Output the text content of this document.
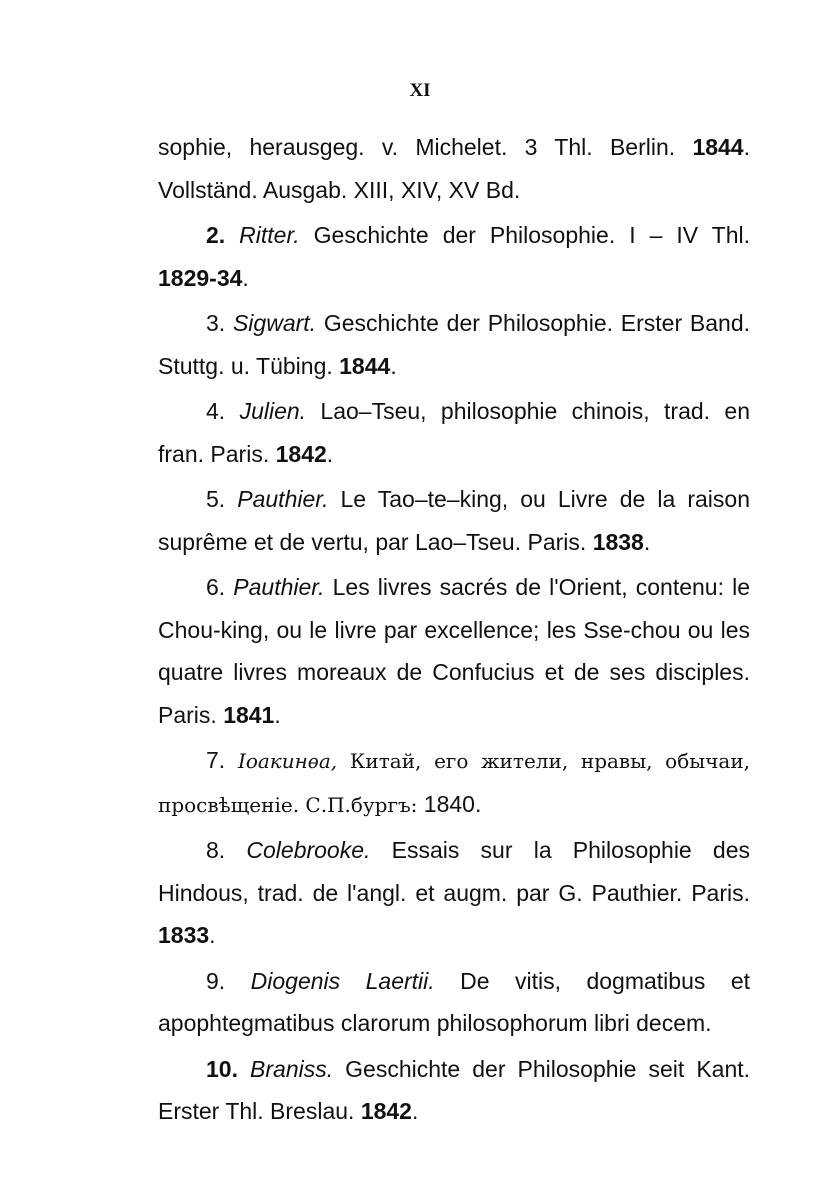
XI

sophie, herausgeg. v. Michelet. 3 Thl. Berlin. 1844. Vollständ. Ausgab. XIII, XIV, XV Bd.

2. Ritter. Geschichte der Philosophie. I – IV Thl. 1829-34.

3. Sigwart. Geschichte der Philosophie. Erster Band. Stuttg. u. Tübing. 1844.

4. Julien. Lao–Tseu, philosophie chinois, trad. en fran. Paris. 1842.

5. Pauthier. Le Tao–te–king, ou Livre de la raison suprême et de vertu, par Lao–Tseu. Paris. 1838.

6. Pauthier. Les livres sacrés de l'Orient, contenu: le Chou-king, ou le livre par excellence; les Sse-chou ou les quatre livres moreaux de Confucius et de ses disciples. Paris. 1841.

7. Іоакинѳа, Китай, его жители, нравы, обычаи, просвѣщеніе. С.П.бургъ: 1840.

8. Colebrooke. Essais sur la Philosophie des Hindous, trad. de l'angl. et augm. par G. Pauthier. Paris. 1833.

9. Diogenis Laertii. De vitis, dogmatibus et apophtegmatibus clarorum philosophorum libri decem.

10. Braniss. Geschichte der Philosophie seit Kant. Erster Thl. Breslau. 1842.
